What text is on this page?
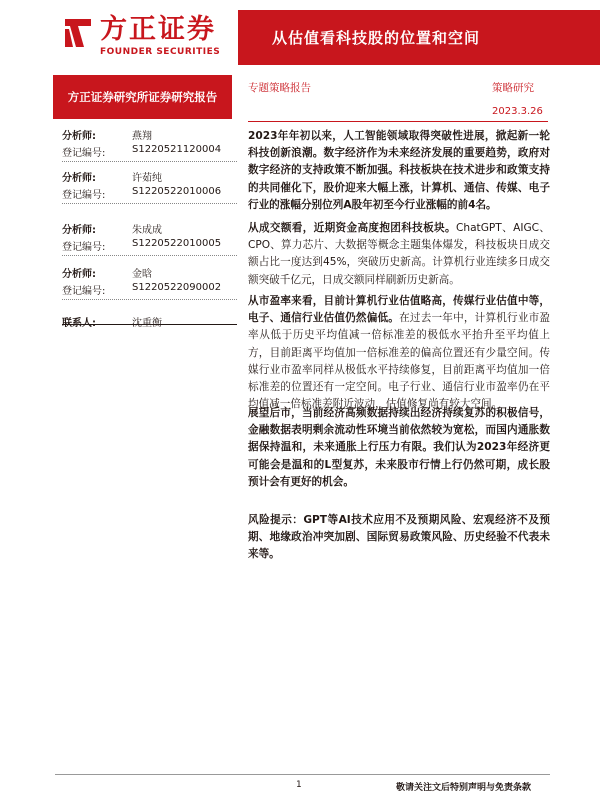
方正证券
FOUNDER SECURITIES
从估值看科技股的位置和空间
方正证券研究所证券研究报告
专题策略报告	策略研究
2023.3.26
分析师:	燕翔
登记编号:	S1220521120004
分析师:	许茹纯
登记编号:	S1220522010006
分析师:	朱成成
登记编号:	S1220522010005
分析师:	金晗
登记编号:	S1220522090002
联系人:	沈重衡

2023年年初以来，人工智能领域取得突破性进展，掀起新一轮科技创新浪潮。数字经济作为未来经济发展的重要趋势，政府对数字经济的支持政策不断加强。科技板块在技术进步和政策支持的共同催化下，股价迎来大幅上涨，计算机、通信、传媒、电子行业的涨幅分别位列A股年初至今行业涨幅的前4名。

从成交额看，近期资金高度抱团科技板块。ChatGPT、AIGC、CPO、算力芯片、大数据等概念主题集体爆发，科技板块日成交额占比一度达到45%，突破历史新高。计算机行业连续多日成交额突破千亿元，日成交额同样刷新历史新高。

从市盈率来看，目前计算机行业估值略高，传媒行业估值中等，电子、通信行业估值仍然偏低。在过去一年中，计算机行业市盈率从低于历史平均值减一倍标准差的极低水平抬升至平均值上方，目前距离平均值加一倍标准差的偏高位置还有少量空间。传媒行业市盈率同样从极低水平持续修复，目前距离平均值加一倍标准差的位置还有一定空间。电子行业、通信行业市盈率仍在平均值减一倍标准差附近波动，估值修复尚有较大空间。

展望后市，当前经济高频数据持续出经济持续复苏的积极信号，金融数据表明剩余流动性环境当前依然较为宽松，而国内通胀数据保持温和，未来通胀上行压力有限。我们认为2023年经济更可能会是温和的L型复苏，未来股市行情上行仍然可期，成长股预计会有更好的机会。

风险提示：GPT等AI技术应用不及预期风险、宏观经济不及预期、地缘政治冲突加剧、国际贸易政策风险、历史经验不代表未来等。

1	敬请关注文后特别声明与免责条款
